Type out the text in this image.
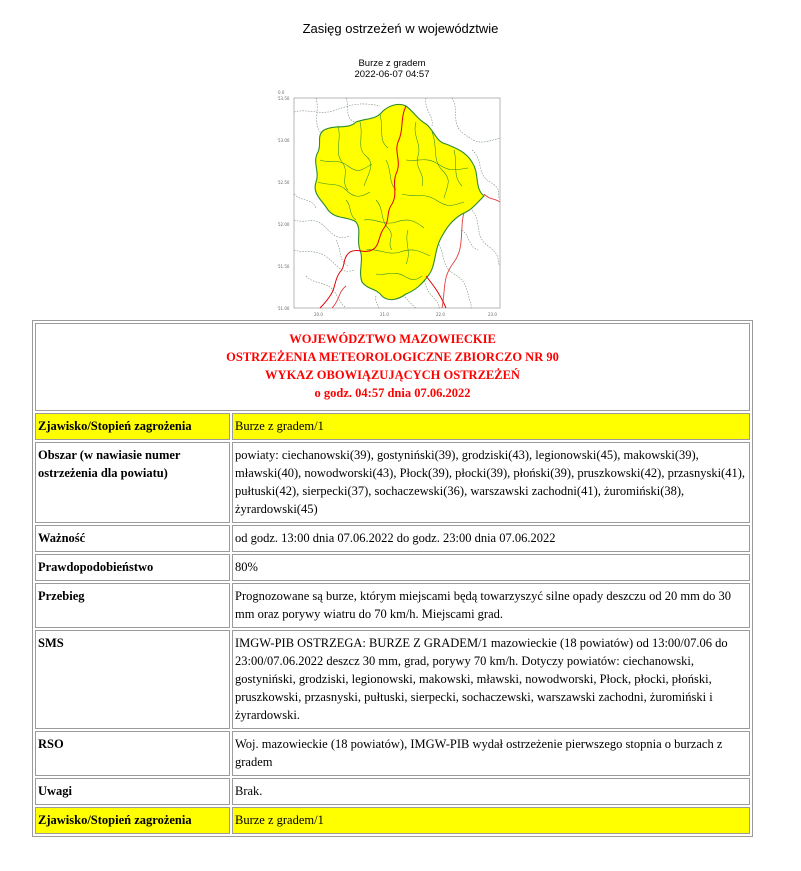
Zasięg ostrzeżeń w województwie
Burze z gradem
2022-06-07 04:57
53.50
53.00
52.50
52.00
51.50
51.00
20.0	21.0	22.0	23.0
0.0
WOJEWÓDZTWO MAZOWIECKIE
OSTRZEŻENIA METEOROLOGICZNE ZBIORCZO NR 90
WYKAZ OBOWIĄZUJĄCYCH OSTRZEŻEŃ
o godz. 04:57 dnia 07.06.2022	

Zjawisko/Stopień zagrożenia	Burze z gradem/1
Obszar (w nawiasie numer ostrzeżenia dla powiatu)	powiaty: ciechanowski(39), gostyniński(39), grodziski(43), legionowski(45), makowski(39), mławski(40), nowodworski(43), Płock(39), płocki(39), płoński(39), pruszkowski(42), przasnyski(41), pułtuski(42), sierpecki(37), sochaczewski(36), warszawski zachodni(41), żuromiński(38), żyrardowski(45)
Ważność	od godz. 13:00 dnia 07.06.2022 do godz. 23:00 dnia 07.06.2022
Prawdopodobieństwo	80%
Przebieg	Prognozowane są burze, którym miejscami będą towarzyszyć silne opady deszczu od 20 mm do 30 mm oraz porywy wiatru do 70 km/h. Miejscami grad.
SMS	IMGW-PIB OSTRZEGA: BURZE Z GRADEM/1 mazowieckie (18 powiatów) od 13:00/07.06 do 23:00/07.06.2022 deszcz 30 mm, grad, porywy 70 km/h. Dotyczy powiatów: ciechanowski, gostyniński, grodziski, legionowski, makowski, mławski, nowodworski, Płock, płocki, płoński, pruszkowski, przasnyski, pułtuski, sierpecki, sochaczewski, warszawski zachodni, żuromiński i żyrardowski.
RSO	Woj. mazowieckie (18 powiatów), IMGW-PIB wydał ostrzeżenie pierwszego stopnia o burzach z gradem
Uwagi	Brak.
Zjawisko/Stopień zagrożenia	Burze z gradem/1
